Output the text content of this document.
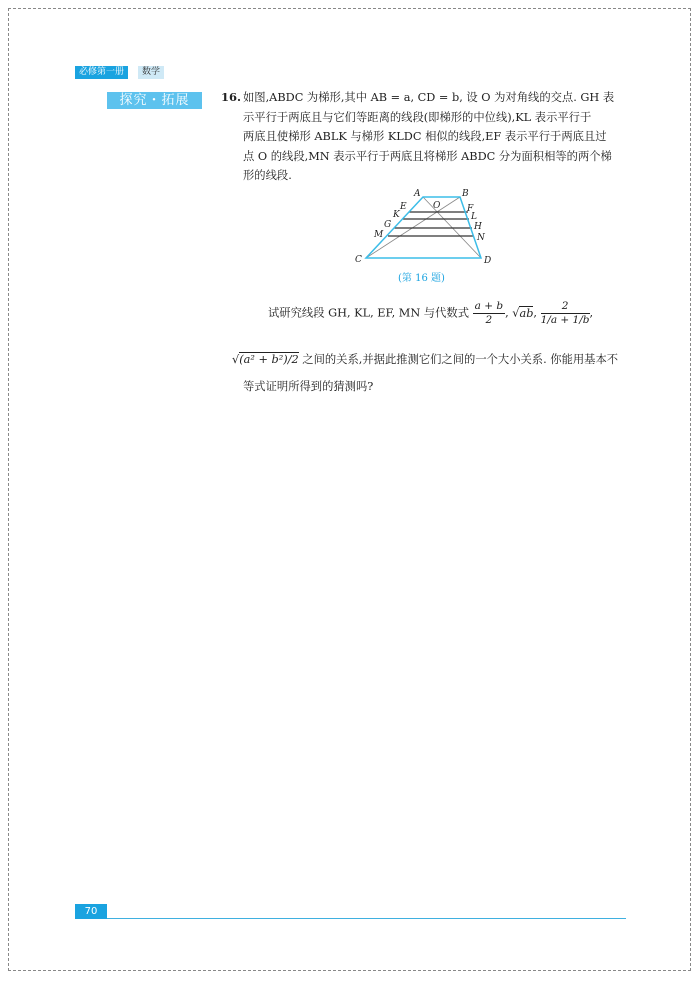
必修第一册	数学
探究・拓展	16. 如图,ABDC 为梯形,其中 AB = a, CD = b, 设 O 为对角线的交点. GH 表
示平行于两底且与它们等距离的线段(即梯形的中位线),KL 表示平行于
两底且使梯形 ABLK 与梯形 KLDC 相似的线段,EF 表示平行于两底且过
点 O 的线段,MN 表示平行于两底且将梯形 ABDC 分为面积相等的两个梯
形的线段.
A	B
C	D
E	F
K	L
G	H
M	N
O
(第 16 题)
试研究线段 GH, KL, EF, MN 与代数式 $\frac{a + b}{2}$, √ab, $\frac{2}{1/a + 1/b}$,
√(a² + b²)/2 之间的关系,并据此推测它们之间的一个大小关系. 你能用基本不
等式证明所得到的猜测吗?
70
